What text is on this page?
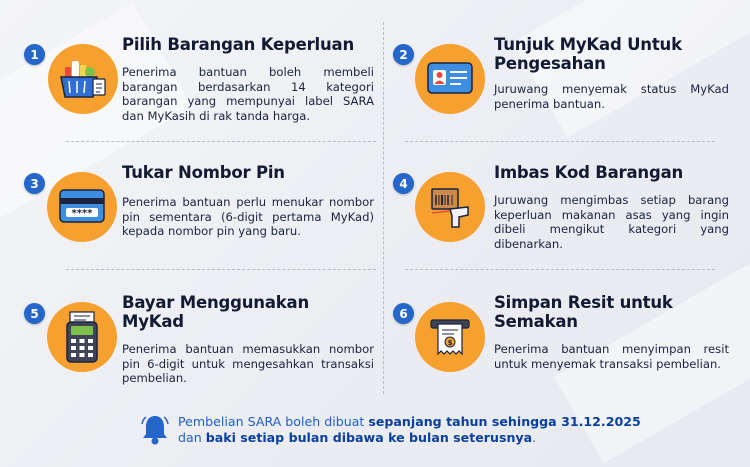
1
Pilih Barangan Keperluan
Penerima bantuan boleh membeli barangan berdasarkan 14 kategori barangan yang mempunyai label SARA dan MyKasih di rak tanda harga.
2
Tunjuk MyKad Untuk Pengesahan
Juruwang menyemak status MyKad penerima bantuan.
3
****
Tukar Nombor Pin
Penerima bantuan perlu menukar nombor pin sementara (6-digit pertama MyKad) kepada nombor pin yang baru.
4
Imbas Kod Barangan
Juruwang mengimbas setiap barang keperluan makanan asas yang ingin dibeli mengikut kategori yang dibenarkan.
5
Bayar Menggunakan MyKad
Penerima bantuan memasukkan nombor pin 6-digit untuk mengesahkan transaksi pembelian.
6
$
Simpan Resit untuk Semakan
Penerima bantuan menyimpan resit untuk menyemak transaksi pembelian.
Pembelian SARA boleh dibuat sepanjang tahun sehingga 31.12.2025 dan baki setiap bulan dibawa ke bulan seterusnya.
